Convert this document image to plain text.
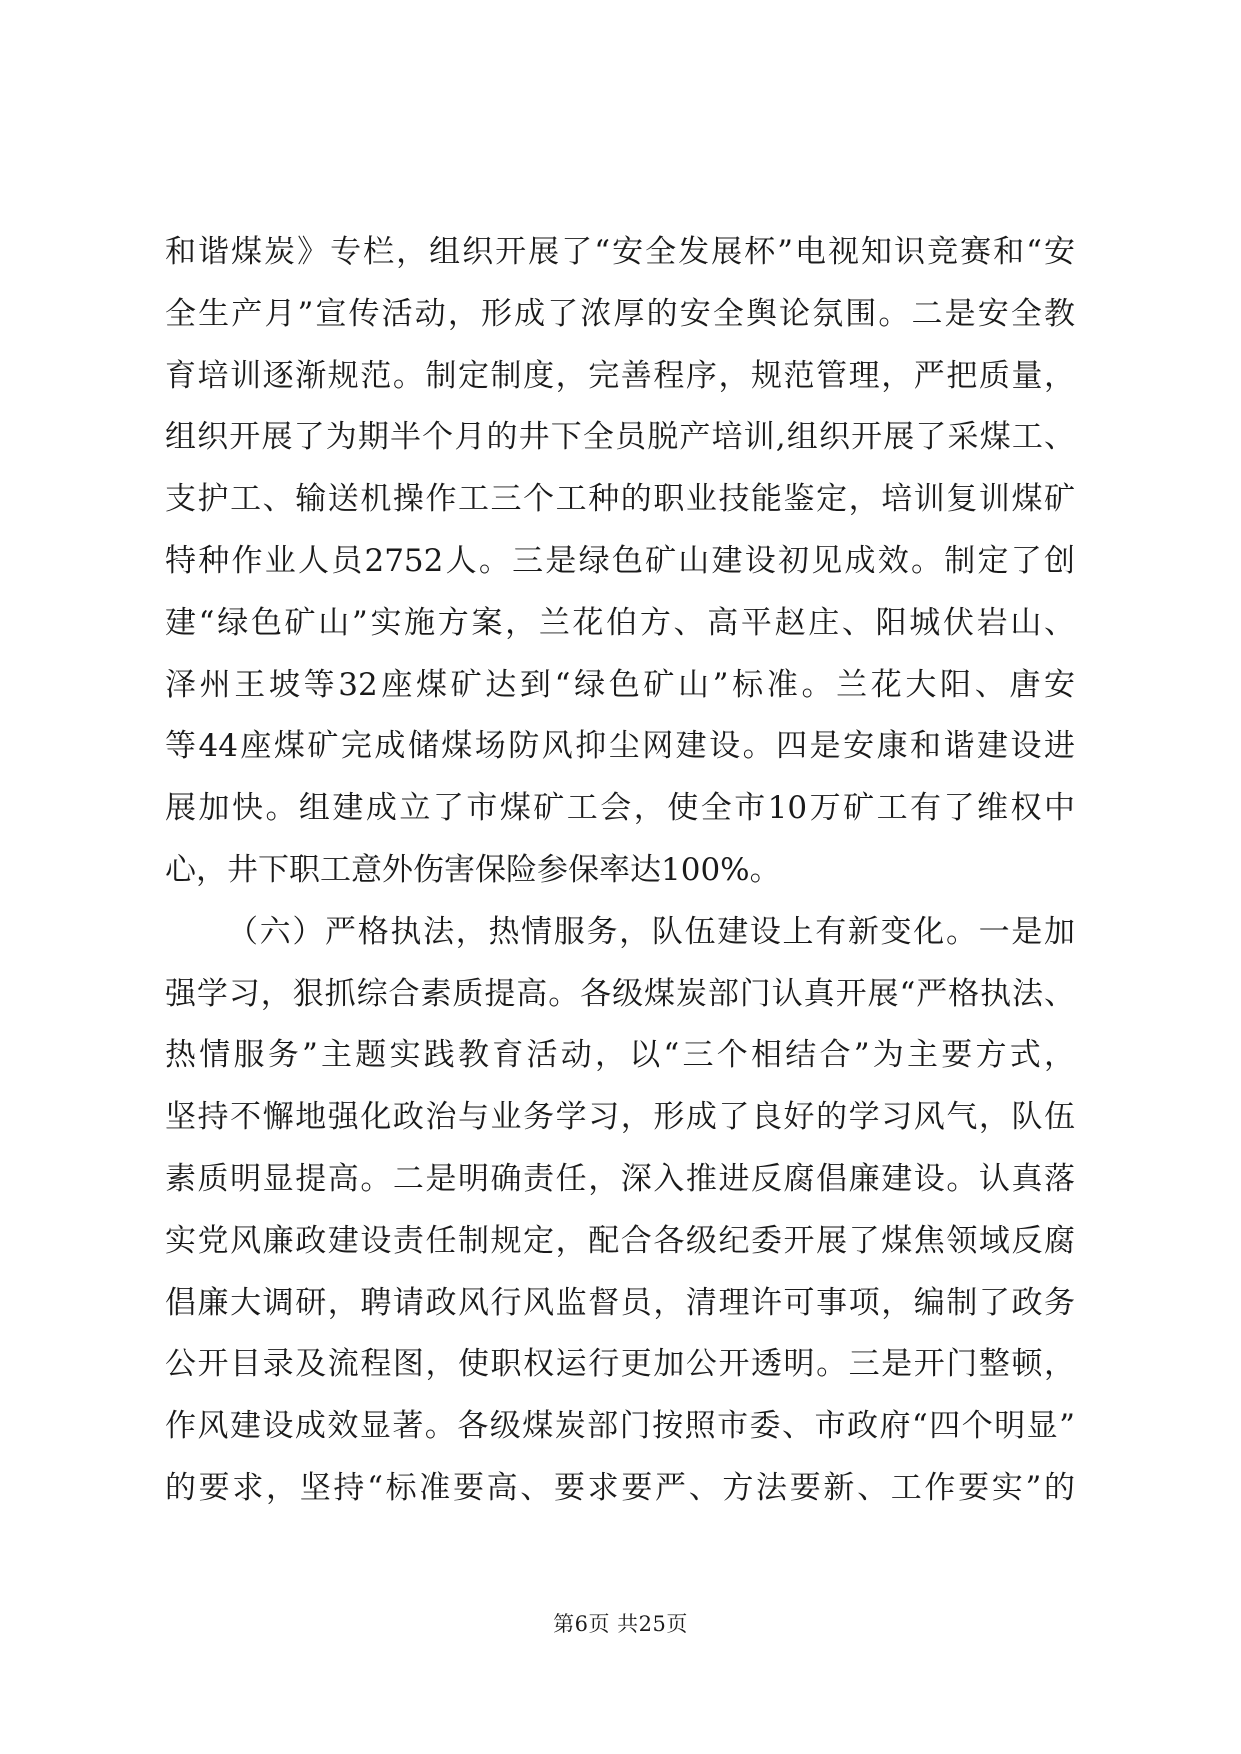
和谐煤炭》专栏，组织开展了“安全发展杯”电视知识竞赛和“安
全生产月”宣传活动，形成了浓厚的安全舆论氛围。二是安全教
育培训逐渐规范。制定制度，完善程序，规范管理，严把质量，
组织开展了为期半个月的井下全员脱产培训,组织开展了采煤工、
支护工、输送机操作工三个工种的职业技能鉴定，培训复训煤矿
特种作业人员2752人。三是绿色矿山建设初见成效。制定了创
建“绿色矿山”实施方案，兰花伯方、高平赵庄、阳城伏岩山、
泽州王坡等32座煤矿达到“绿色矿山”标准。兰花大阳、唐安
等44座煤矿完成储煤场防风抑尘网建设。四是安康和谐建设进
展加快。组建成立了市煤矿工会，使全市10万矿工有了维权中
心，井下职工意外伤害保险参保率达100%。
（六）严格执法，热情服务，队伍建设上有新变化。一是加
强学习，狠抓综合素质提高。各级煤炭部门认真开展“严格执法、
热情服务”主题实践教育活动，以“三个相结合”为主要方式，
坚持不懈地强化政治与业务学习，形成了良好的学习风气，队伍
素质明显提高。二是明确责任，深入推进反腐倡廉建设。认真落
实党风廉政建设责任制规定，配合各级纪委开展了煤焦领域反腐
倡廉大调研，聘请政风行风监督员，清理许可事项，编制了政务
公开目录及流程图，使职权运行更加公开透明。三是开门整顿，
作风建设成效显著。各级煤炭部门按照市委、市政府“四个明显”
的要求，坚持“标准要高、要求要严、方法要新、工作要实”的
第6页 共25页
